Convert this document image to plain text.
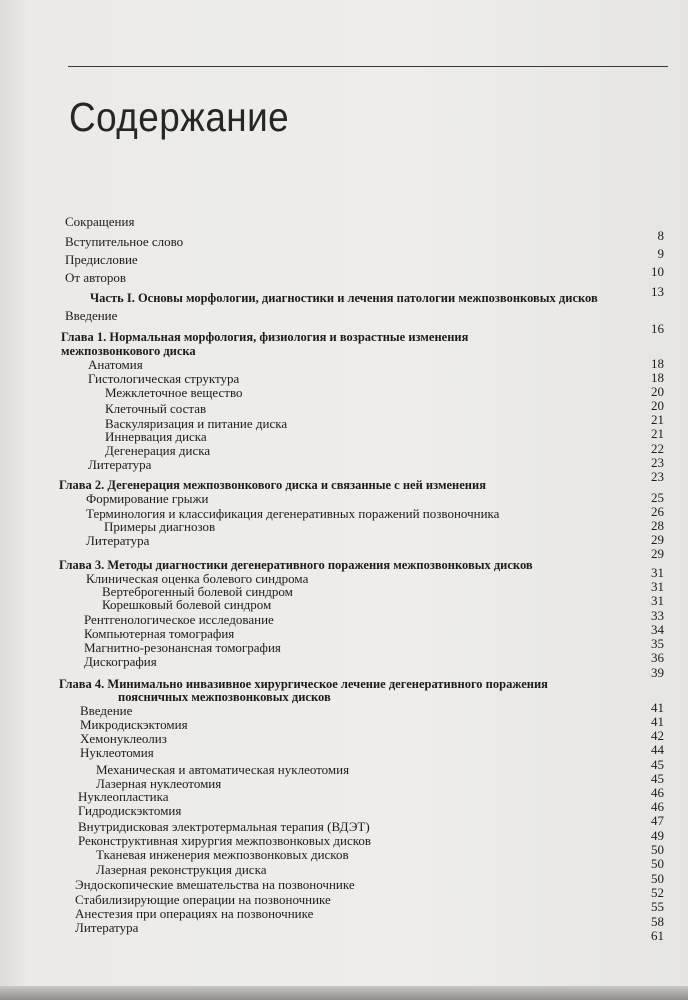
Содержание
Сокращения
Вступительное слово
Предисловие
От авторов
Часть I. Основы морфологии, диагностики и лечения патологии межпозвонковых дисков
Введение
Глава 1. Нормальная морфология, физиология и возрастные изменения
межпозвонкового диска
Анатомия
Гистологическая структура
Межклеточное вещество
Клеточный состав
Васкуляризация и питание диска
Иннервация диска
Дегенерация диска
Литература
Глава 2. Дегенерация межпозвонкового диска и связанные с ней изменения
Формирование грыжи
Терминология и классификация дегенеративных поражений позвоночника
Примеры диагнозов
Литература
Глава 3. Методы диагностики дегенеративного поражения межпозвонковых дисков
Клиническая оценка болевого синдрома
Вертеброгенный болевой синдром
Корешковый болевой синдром
Рентгенологическое исследование
Компьютерная томография
Магнитно-резонансная томография
Дискография
Глава 4. Минимально инвазивное хирургическое лечение дегенеративного поражения
поясничных межпозвонковых дисков
Введение
Микродискэктомия
Хемонуклеолиз
Нуклеотомия
Механическая и автоматическая нуклеотомия
Лазерная нуклеотомия
Нуклеопластика
Гидродискэктомия
Внутридисковая электротермальная терапия (ВДЭТ)
Реконструктивная хирургия межпозвонковых дисков
Тканевая инженерия межпозвонковых дисков
Лазерная реконструкция диска
Эндоскопические вмешательства на позвоночнике
Стабилизирующие операции на позвоночнике
Анестезия при операциях на позвоночнике
Литература
8
9
10
13
16
18
18
20
20
21
21
22
23
23
25
26
28
29
29
31
31
31
33
34
35
36
39
41
41
42
44
45
45
46
46
47
49
50
50
50
52
55
58
61
